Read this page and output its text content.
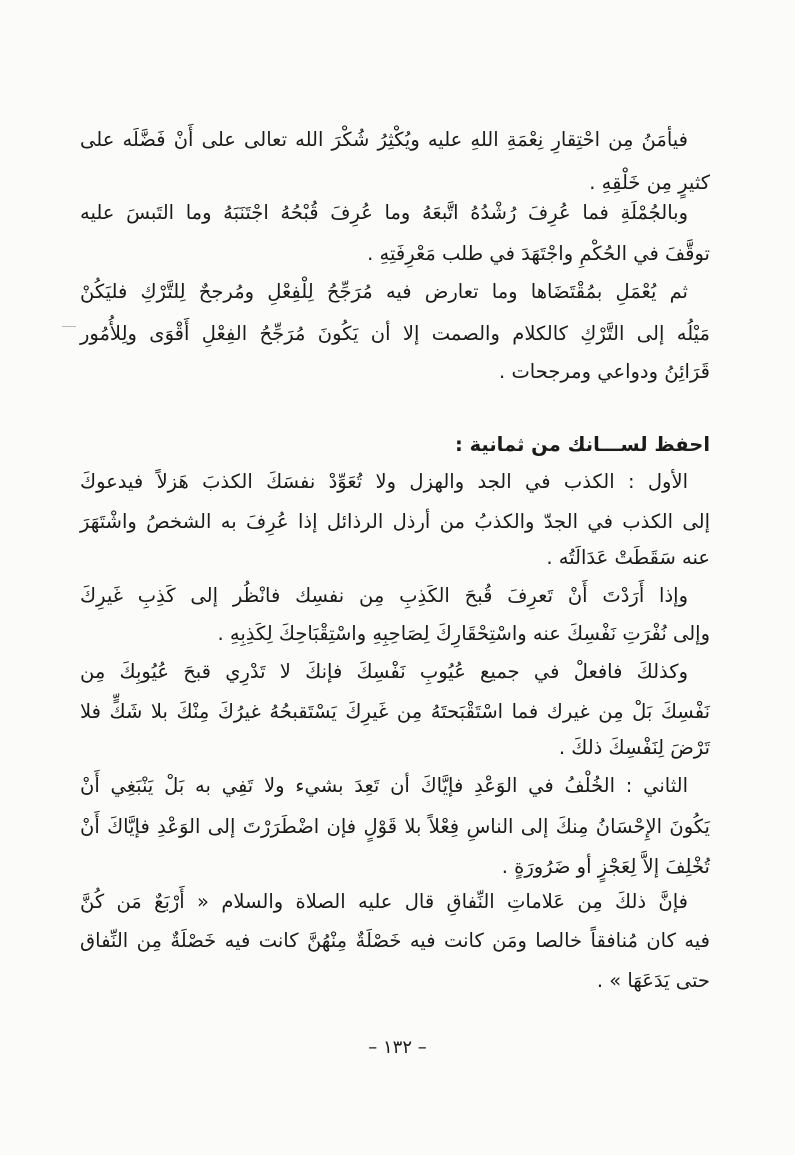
فيأمَنُ مِن احْتِقارِ نِعْمَةِ اللهِ عليه ويُكْثِرُ شُكْرَ الله تعالى على أَنْ فَضَّلَه على
كثيرٍ مِن خَلْقِهِ .
وبالجُمْلَةِ فما عُرِفَ رُشْدُهُ اتَّبعَهُ وما عُرِفَ قُبْحُهُ اجْتَنَبَهُ وما التَبسَ عليه
توقَّفَ في الحُكْمِ واجْتَهَدَ في طلب مَعْرِفَتِهِ .
ثم يُعْمَلِ بمُقْتَضَاها وما تعارض فيه مُرَجِّحُ لِلْفِعْلِ ومُرجحٌ لِلتَّرْكِ فليَكُنْ
مَيْلُه إلى التَّرْكِ كالكلام والصمت إلا أن يَكُونَ مُرَجِّحُ الفِعْلِ أَقْوَى ولِلأُمُور
قَرَائِنُ ودواعي ومرجحات .
احفظ لســـانك من ثمانية :
الأول : الكذب في الجد والهزل ولا تُعَوِّدْ نفسَكَ الكذبَ هَزلاً فيدعوكَ
إلى الكذب في الجدّ والكذبُ من أرذل الرذائل إذا عُرِفَ به الشخصُ واشْتَهَرَ
عنه سَقَطَتْ عَدَالَتُه .
وإذا أَرَدْتَ أَنْ تَعرِفَ قُبحَ الكَذِبِ مِن نفسِك فانْظُر إلى كَذِبِ غَيرِكَ
وإلى نُفْرَتِ نَفْسِكَ عنه واسْتِحْقَارِكَ لِصَاحِبِهِ واسْتِقْبَاحِكَ لِكَذِبِهِ .
وكذلكَ فافعلْ في جميع عُيُوبِ نَفْسِكَ فإنكَ لا تَدْرِي قبحَ عُيُوبِكَ مِن
نَفْسِكَ بَلْ مِن غيرك فما اسْتَقْبَحتَهُ مِن غَيرِكَ يَسْتَقبحُهُ غيرُكَ مِنْكَ بلا شَكٍّ فلا
تَرْضَ لِنَفْسِكَ ذلكَ .
الثاني : الخُلْفُ في الوَعْدِ فإيَّاكَ أن تَعِدَ بشيء ولا تَفِي به بَلْ يَنْبَغِي أَنْ
يَكُونَ الإِحْسَانُ مِنكَ إلى الناسِ فِعْلاً بلا قَوْلٍ فإن اضْطَرَرْتَ إلى الوَعْدِ فإيَّاكَ أَنْ
تُخْلِفَ إلاَّ لِعَجْزٍ أو ضَرُورَةٍ .
فإنَّ ذلكَ مِن عَلاماتِ النِّفاقِ قال عليه الصلاة والسلام « أَرْبَعٌ مَن كُنَّ
فيه كان مُنافقاً خالصا ومَن كانت فيه خَصْلَةٌ مِنْهُنَّ كانت فيه خَصْلَةٌ مِن النِّفاق
حتى يَدَعَهَا » .
– ١٣٢ –
